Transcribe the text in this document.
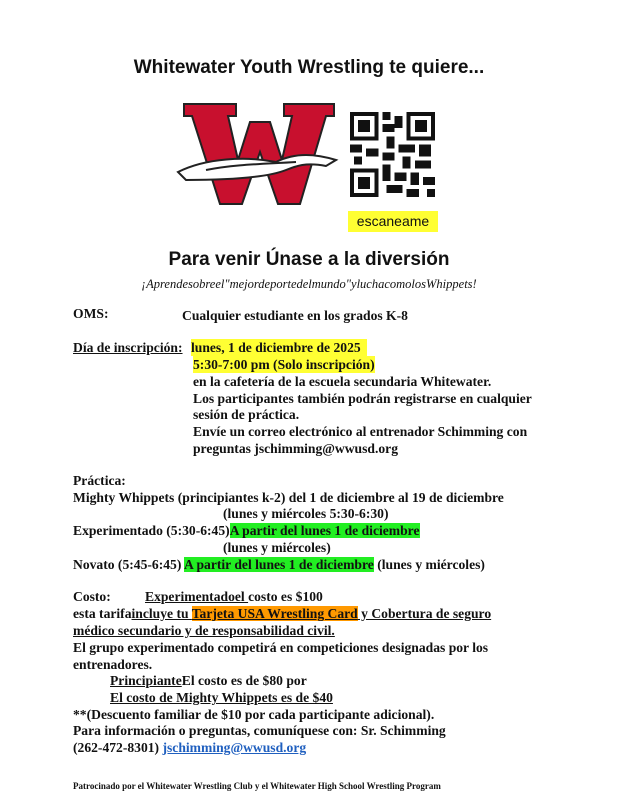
Whitewater Youth Wrestling te quiere...
escaneame
Para venir Únase a la diversión
¡Aprendesobreel"mejordeportedelmundo"yluchacomolosWhippets!
OMS:	Cualquier estudiante en los grados K-8
Día de inscripción: lunes, 1 de diciembre de 2025
5:30-7:00 pm (Solo inscripción)
en la cafetería de la escuela secundaria Whitewater.
Los participantes también podrán registrarse en cualquier
sesión de práctica.
Envíe un correo electrónico al entrenador Schimming con
preguntas jschimming@wwusd.org
Práctica:
Mighty Whippets (principiantes k-2) del 1 de diciembre al 19 de diciembre
(lunes y miércoles 5:30-6:30)
Experimentado (5:30-6:45)A partir del lunes 1 de diciembre
(lunes y miércoles)
Novato (5:45-6:45) A partir del lunes 1 de diciembre (lunes y miércoles)
Costo:	Experimentadoel costo es $100
esta tarifaincluye tu Tarjeta USA Wrestling Card y Cobertura de seguro
médico secundario y de responsabilidad civil.
El grupo experimentado competirá en competiciones designadas por los
entrenadores.
PrincipianteEl costo es de $80 por
El costo de Mighty Whippets es de $40
**(Descuento familiar de $10 por cada participante adicional).
Para información o preguntas, comuníquese con: Sr. Schimming
(262-472-8301) jschimming@wwusd.org
Patrocinado por el Whitewater Wrestling Club y el Whitewater High School Wrestling Program
